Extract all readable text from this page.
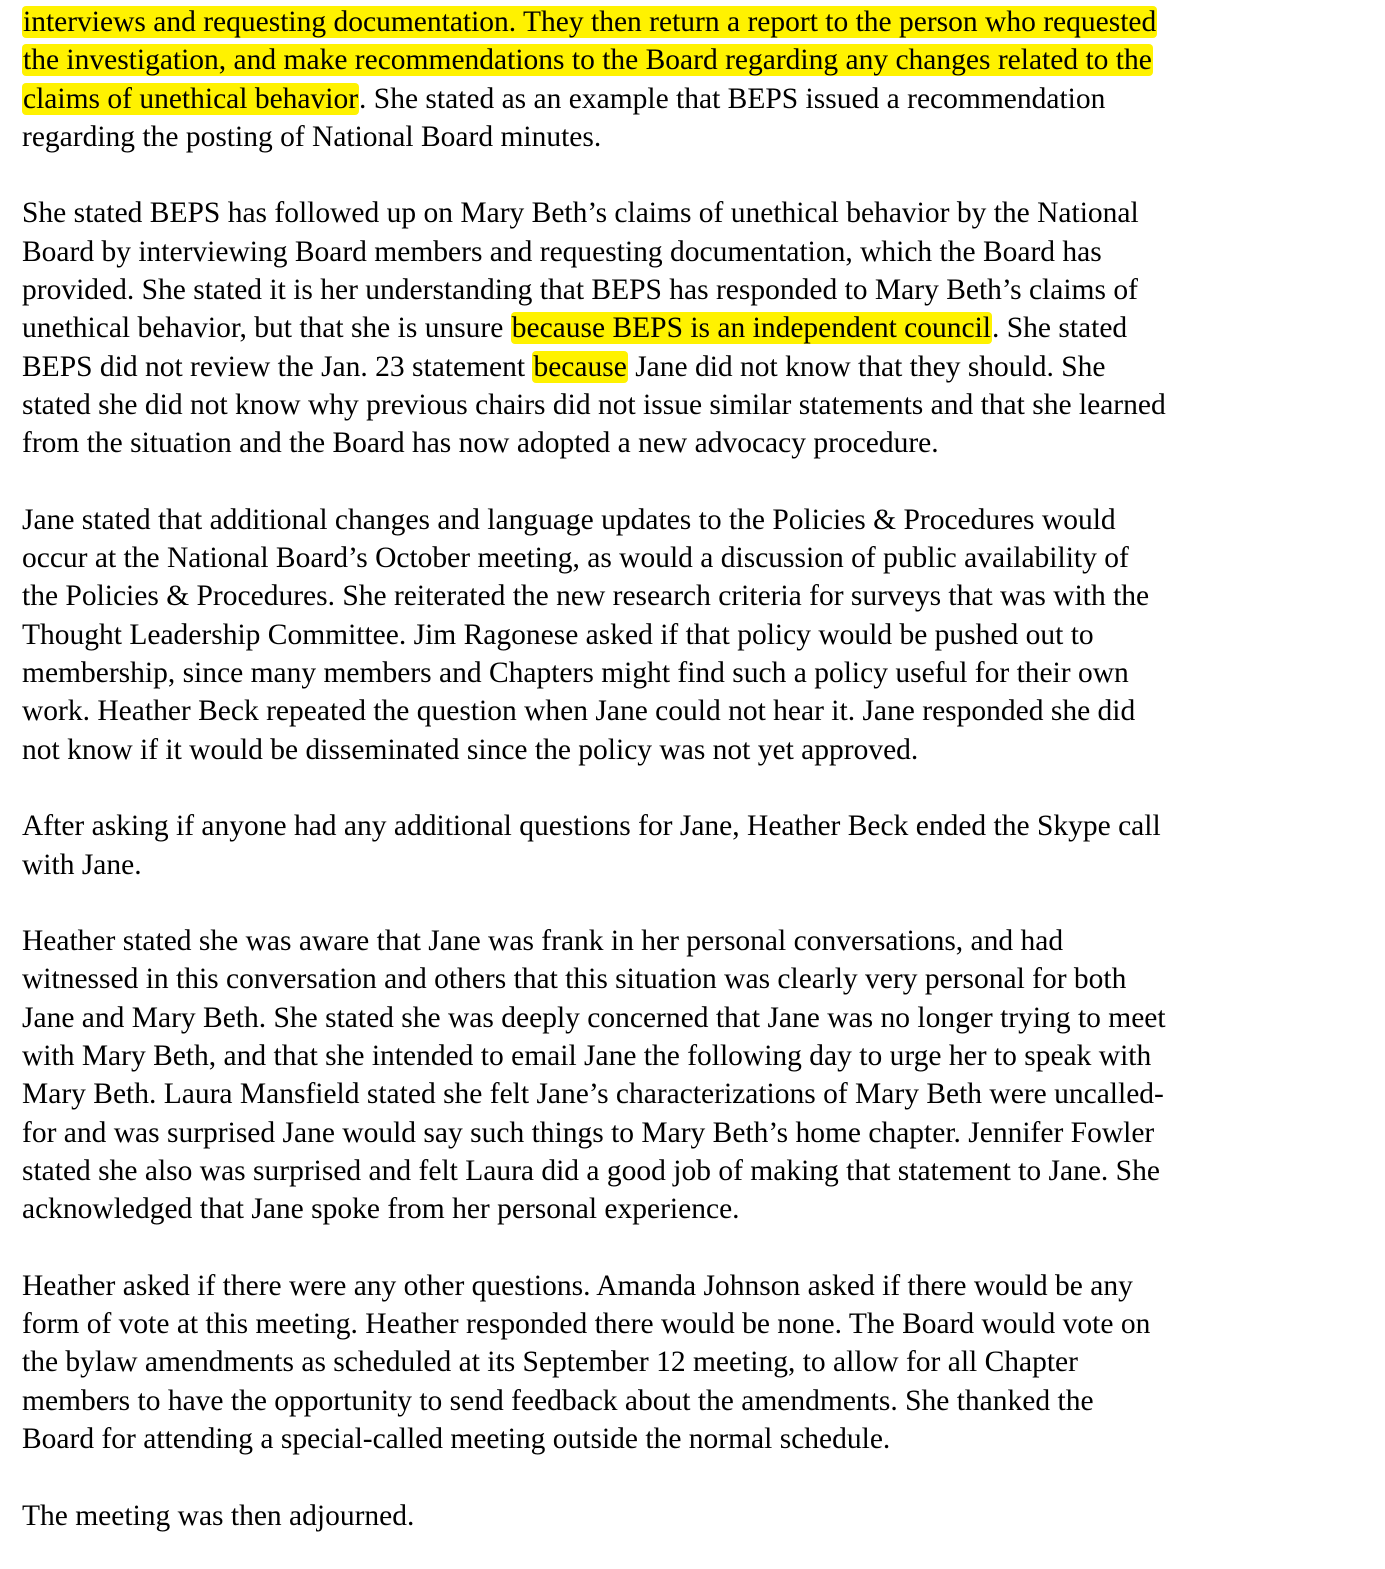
interviews and requesting documentation. They then return a report to the person who requested
the investigation, and make recommendations to the Board regarding any changes related to the
claims of unethical behavior. She stated as an example that BEPS issued a recommendation
regarding the posting of National Board minutes.
She stated BEPS has followed up on Mary Beth’s claims of unethical behavior by the National
Board by interviewing Board members and requesting documentation, which the Board has
provided. She stated it is her understanding that BEPS has responded to Mary Beth’s claims of
unethical behavior, but that she is unsure because BEPS is an independent council. She stated
BEPS did not review the Jan. 23 statement because Jane did not know that they should. She
stated she did not know why previous chairs did not issue similar statements and that she learned
from the situation and the Board has now adopted a new advocacy procedure.
Jane stated that additional changes and language updates to the Policies & Procedures would
occur at the National Board’s October meeting, as would a discussion of public availability of
the Policies & Procedures. She reiterated the new research criteria for surveys that was with the
Thought Leadership Committee. Jim Ragonese asked if that policy would be pushed out to
membership, since many members and Chapters might find such a policy useful for their own
work. Heather Beck repeated the question when Jane could not hear it. Jane responded she did
not know if it would be disseminated since the policy was not yet approved.
After asking if anyone had any additional questions for Jane, Heather Beck ended the Skype call
with Jane.
Heather stated she was aware that Jane was frank in her personal conversations, and had
witnessed in this conversation and others that this situation was clearly very personal for both
Jane and Mary Beth. She stated she was deeply concerned that Jane was no longer trying to meet
with Mary Beth, and that she intended to email Jane the following day to urge her to speak with
Mary Beth. Laura Mansfield stated she felt Jane’s characterizations of Mary Beth were uncalled-
for and was surprised Jane would say such things to Mary Beth’s home chapter. Jennifer Fowler
stated she also was surprised and felt Laura did a good job of making that statement to Jane. She
acknowledged that Jane spoke from her personal experience.
Heather asked if there were any other questions. Amanda Johnson asked if there would be any
form of vote at this meeting. Heather responded there would be none. The Board would vote on
the bylaw amendments as scheduled at its September 12 meeting, to allow for all Chapter
members to have the opportunity to send feedback about the amendments. She thanked the
Board for attending a special-called meeting outside the normal schedule.
The meeting was then adjourned.
